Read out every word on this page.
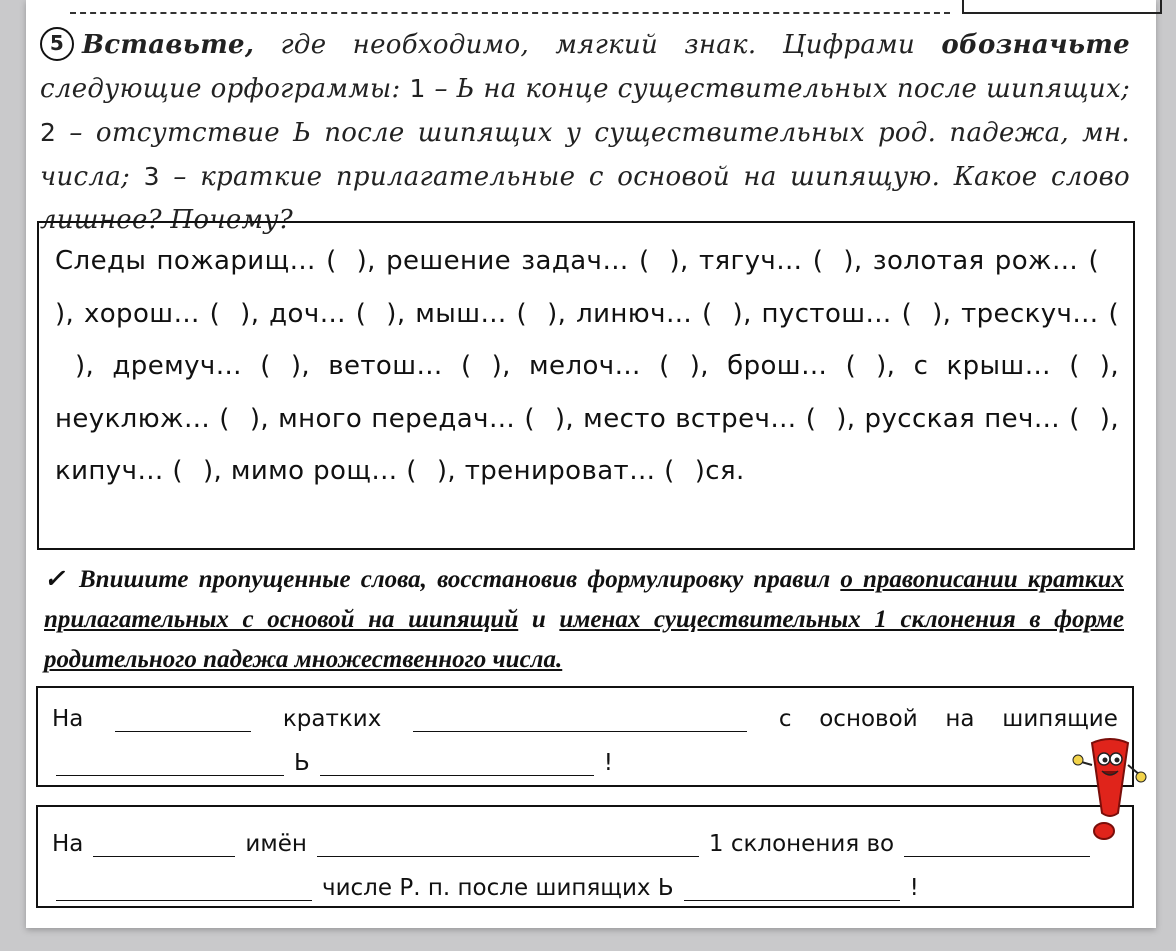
5 Вставьте, где необходимо, мягкий знак. Цифрами обозначьте следующие орфограммы: 1 – Ь на конце существительных после шипящих; 2 – отсутствие Ь после шипящих у существительных род. падежа, мн. числа; 3 – краткие прилагательные с основой на шипящую. Какое слово лишнее? Почему?
Следы пожарищ… ( ), решение задач… ( ), тягуч… ( ), золотая рож… (), хорош… ( ), доч… ( ), мыш… ( ), линюч… ( ), пустош… ( ), трескуч… (), дремуч… ( ), ветош… ( ), мелоч… ( ), брош… ( ), с крыш… ( ), неуклюж… ( ), много передач… ( ), место встреч… ( ), русская печ… ( ), кипуч… ( ), мимо рощ… ( ), тренироват… ( )ся.
✓ Впишите пропущенные слова, восстановив формулировку правил о правописании кратких прилагательных с основой на шипящий и именах существительных 1 склонения в форме родительного падежа множественного числа.
На	кратких	с основой на шипящие
Ь	!
На	имён	1 склонения во
числе Р. п. после шипящих Ь	!
